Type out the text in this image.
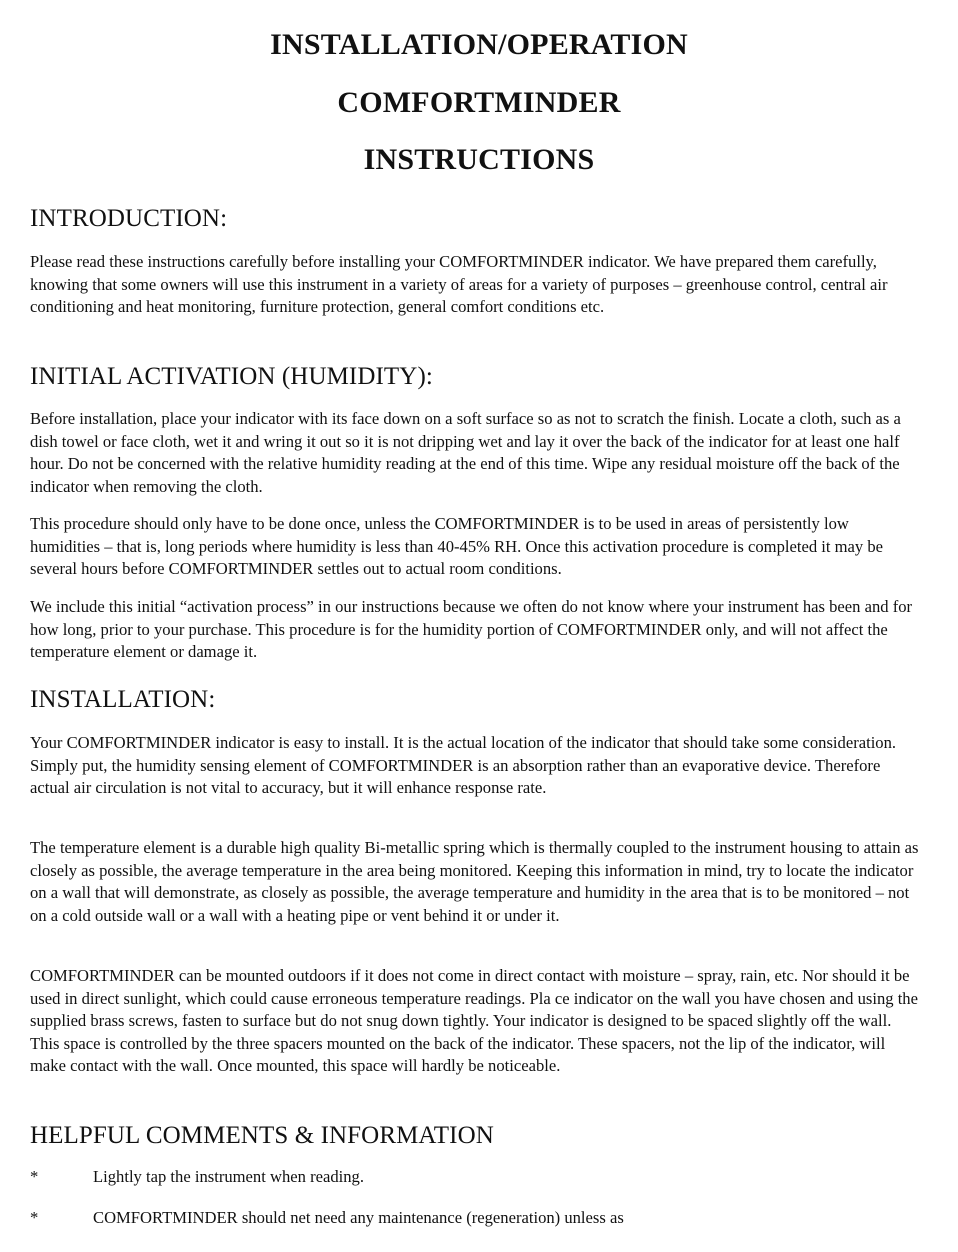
INSTALLATION/OPERATION
COMFORTMINDER
INSTRUCTIONS
INTRODUCTION:

Please read these instructions carefully before installing your COMFORTMINDER indicator. We have prepared them carefully, knowing that some owners will use this instrument in a variety of areas for a variety of purposes – greenhouse control, central air conditioning and heat monitoring, furniture protection, general comfort conditions etc.

INITIAL ACTIVATION (HUMIDITY):

Before installation, place your indicator with its face down on a soft surface so as not to scratch the finish. Locate a cloth, such as a dish towel or face cloth, wet it and wring it out so it is not dripping wet and lay it over the back of the indicator for at least one half hour. Do not be concerned with the relative humidity reading at the end of this time. Wipe any residual moisture off the back of the indicator when removing the cloth.

This procedure should only have to be done once, unless the COMFORTMINDER is to be used in areas of persistently low humidities – that is, long periods where humidity is less than 40-45% RH. Once this activation procedure is completed it may be several hours before COMFORTMINDER settles out to actual room conditions.

We include this initial “activation process” in our instructions because we often do not know where your instrument has been and for how long, prior to your purchase. This procedure is for the humidity portion of COMFORTMINDER only, and will not affect the temperature element or damage it.

INSTALLATION:

Your COMFORTMINDER indicator is easy to install. It is the actual location of the indicator that should take some consideration. Simply put, the humidity sensing element of COMFORTMINDER is an absorption rather than an evaporative device. Therefore actual air circulation is not vital to accuracy, but it will enhance response rate.

The temperature element is a durable high quality Bi-metallic spring which is thermally coupled to the instrument housing to attain as closely as possible, the average temperature in the area being monitored. Keeping this information in mind, try to locate the indicator on a wall that will demonstrate, as closely as possible, the average temperature and humidity in the area that is to be monitored – not on a cold outside wall or a wall with a heating pipe or vent behind it or under it.

COMFORTMINDER can be mounted outdoors if it does not come in direct contact with moisture – spray, rain, etc. Nor should it be used in direct sunlight, which could cause erroneous temperature readings. Pla ce indicator on the wall you have chosen and using the supplied brass screws, fasten to surface but do not snug down tightly. Your indicator is designed to be spaced slightly off the wall. This space is controlled by the three spacers mounted on the back of the indicator. These spacers, not the lip of the indicator, will make contact with the wall. Once mounted, this space will hardly be noticeable.

HELPFUL COMMENTS & INFORMATION
*	Lightly tap the instrument when reading.
*	COMFORTMINDER should net need any maintenance (regeneration) unless as
